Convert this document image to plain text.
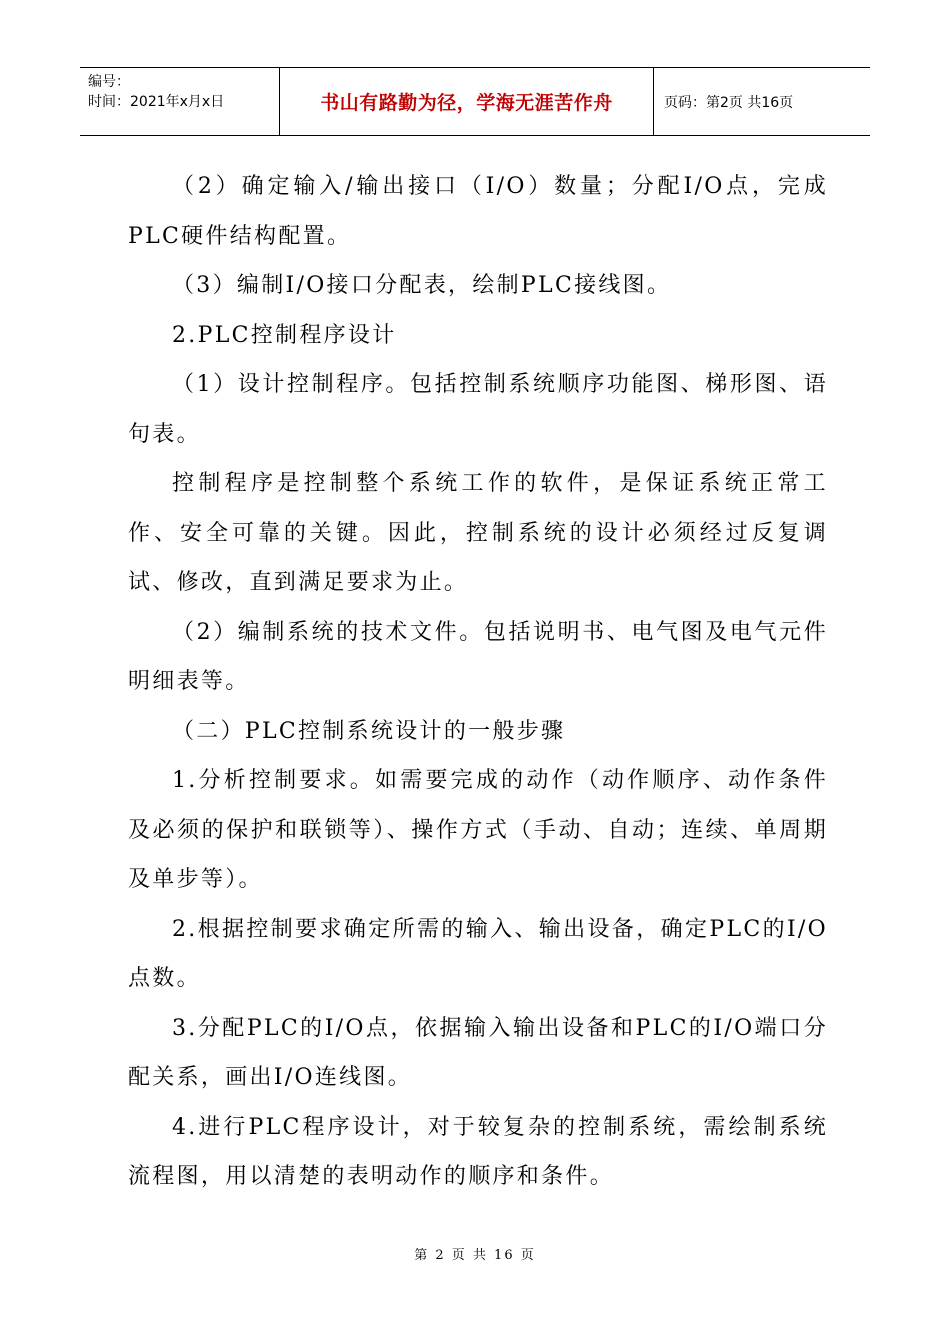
编号：
时间：2021年x月x日	书山有路勤为径，学海无涯苦作舟	页码：第2页 共16页

（2）确定输入/输出接口（I/O）数量；分配I/O点，完成PLC硬件结构配置。

（3）编制I/O接口分配表，绘制PLC接线图。

2.PLC控制程序设计

（1）设计控制程序。包括控制系统顺序功能图、梯形图、语句表。

控制程序是控制整个系统工作的软件，是保证系统正常工作、安全可靠的关键。因此，控制系统的设计必须经过反复调试、修改，直到满足要求为止。

（2）编制系统的技术文件。包括说明书、电气图及电气元件明细表等。

（二）PLC控制系统设计的一般步骤

1.分析控制要求。如需要完成的动作（动作顺序、动作条件及必须的保护和联锁等）、操作方式（手动、自动；连续、单周期及单步等）。

2.根据控制要求确定所需的输入、输出设备，确定PLC的I/O点数。

3.分配PLC的I/O点，依据输入输出设备和PLC的I/O端口分配关系，画出I/O连线图。

4.进行PLC程序设计，对于较复杂的控制系统，需绘制系统流程图，用以清楚的表明动作的顺序和条件。

第 2 页 共 16 页
